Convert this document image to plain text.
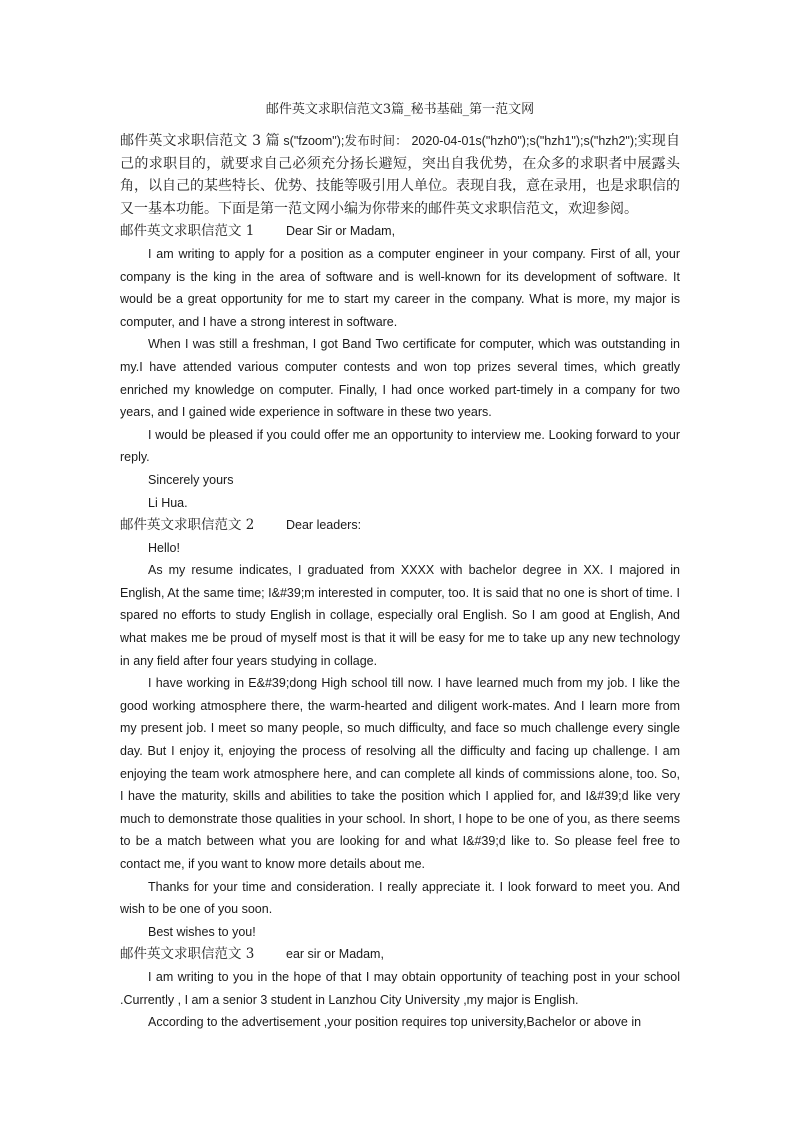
邮件英文求职信范文3篇_秘书基础_第一范文网

邮件英文求职信范文 3 篇 s("fzoom");发布时间： 2020-04-01s("hzh0");s("hzh1");s("hzh2");实现自己的求职目的，就要求自己必须充分扬长避短，突出自我优势，在众多的求职者中展露头角，以自己的某些特长、优势、技能等吸引用人单位。表现自我，意在录用，也是求职信的又一基本功能。下面是第一范文网小编为你带来的邮件英文求职信范文，欢迎参阅。

邮件英文求职信范文 1	Dear Sir or Madam,

I am writing to apply for a position as a computer engineer in your company. First of all, your company is the king in the area of software and is well-known for its development of software. It would be a great opportunity for me to start my career in the company. What is more, my major is computer, and I have a strong interest in software.

When I was still a freshman, I got Band Two certificate for computer, which was outstanding in my.I have attended various computer contests and won top prizes several times, which greatly enriched my knowledge on computer. Finally, I had once worked part-timely in a company for two years, and I gained wide experience in software in these two years.

I would be pleased if you could offer me an opportunity to interview me. Looking forward to your reply.

Sincerely yours

Li Hua.

邮件英文求职信范文 2	Dear leaders:

Hello!

As my resume indicates, I graduated from XXXX with bachelor degree in XX. I majored in English, At the same time; I&#39;m interested in computer, too. It is said that no one is short of time. I spared no efforts to study English in collage, especially oral English. So I am good at English, And what makes me be proud of myself most is that it will be easy for me to take up any new technology in any field after four years studying in collage.

I have working in E&#39;dong High school till now. I have learned much from my job. I like the good working atmosphere there, the warm-hearted and diligent work-mates. And I learn more from my present job. I meet so many people, so much difficulty, and face so much challenge every single day. But I enjoy it, enjoying the process of resolving all the difficulty and facing up challenge. I am enjoying the team work atmosphere here, and can complete all kinds of commissions alone, too. So, I have the maturity, skills and abilities to take the position which I applied for, and I&#39;d like very much to demonstrate those qualities in your school. In short, I hope to be one of you, as there seems to be a match between what you are looking for and what I&#39;d like to. So please feel free to contact me, if you want to know more details about me.

Thanks for your time and consideration. I really appreciate it. I look forward to meet you. And wish to be one of you soon.

Best wishes to you!

邮件英文求职信范文 3	ear sir or Madam,

I am writing to you in the hope of that I may obtain opportunity of teaching post in your school .Currently , I am a senior 3 student in Lanzhou City University ,my major is English.

According to the advertisement ,your position requires top university,Bachelor or above in
